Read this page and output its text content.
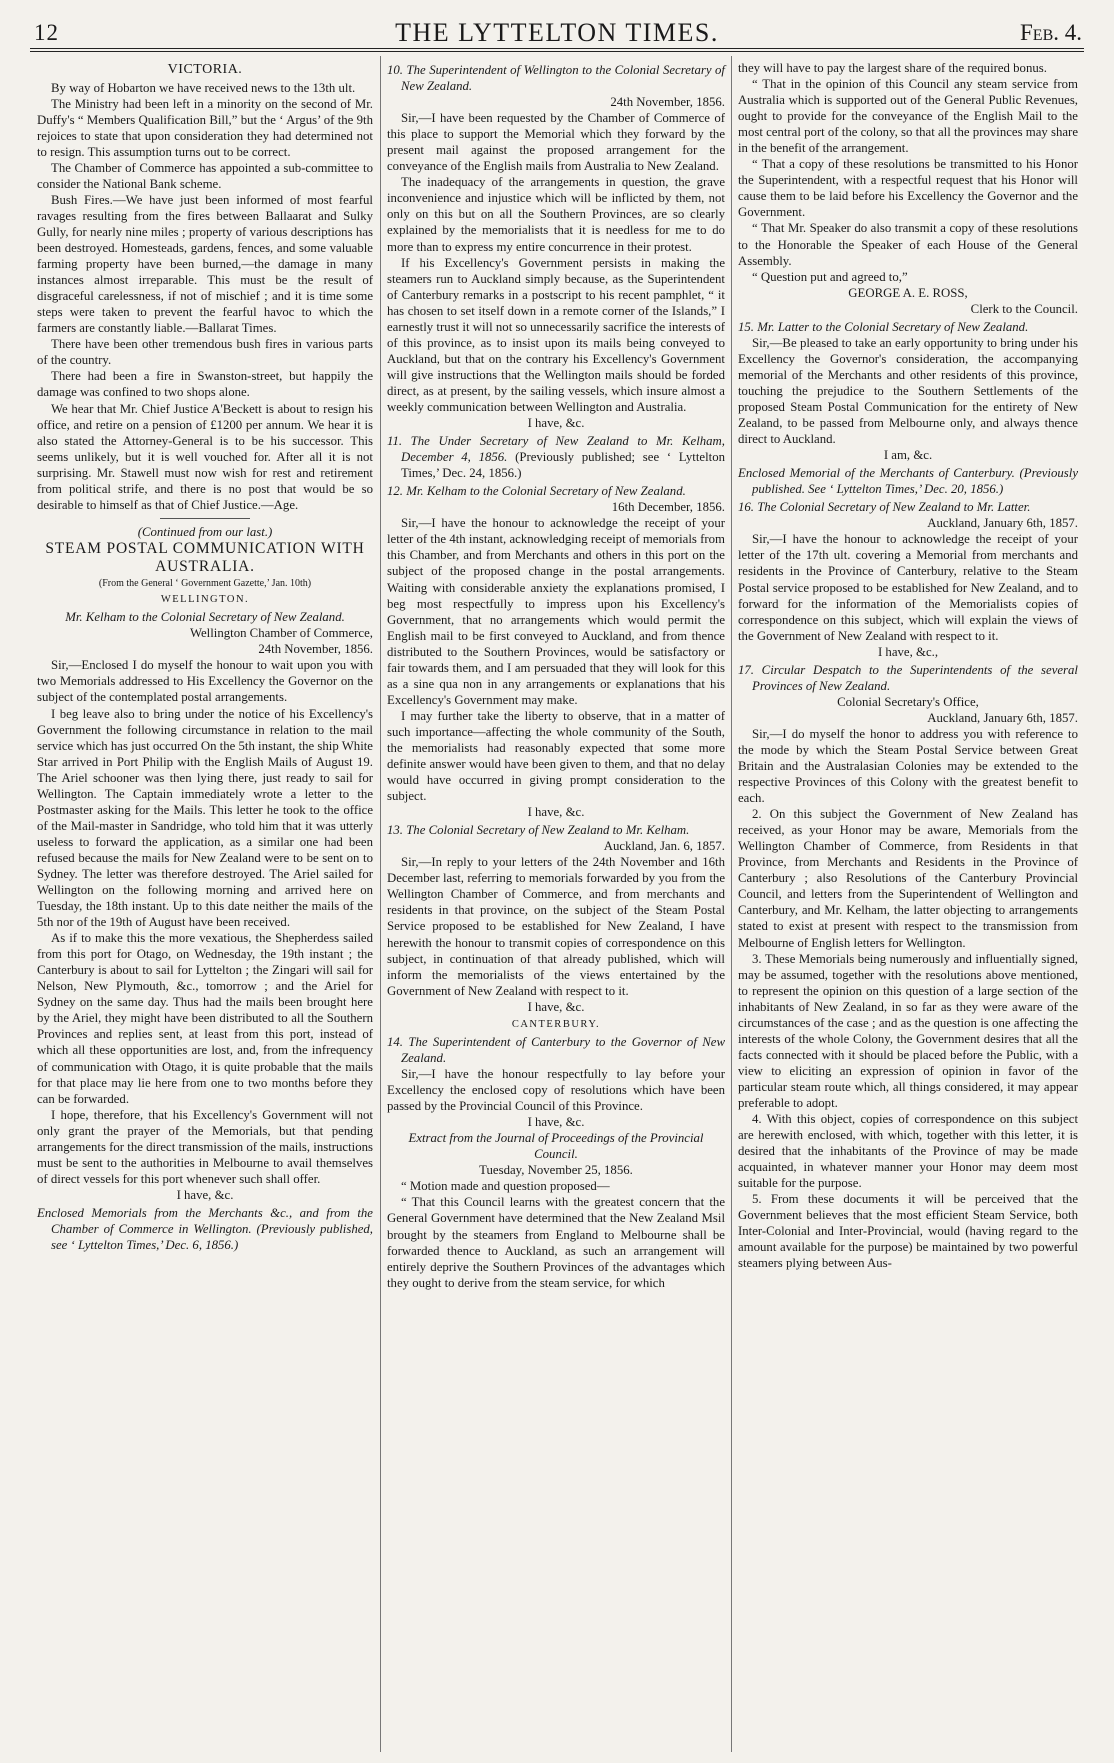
12	THE LYTTELTON TIMES.	Feb. 4.
VICTORIA.

By way of Hobarton we have received news to the 13th ult.

The Ministry had been left in a minority on the second of Mr. Duffy's “ Members Qualification Bill,” but the ‘ Argus’ of the 9th rejoices to state that upon consideration they had determined not to resign. This assumption turns out to be correct.

The Chamber of Commerce has appointed a sub-committee to consider the National Bank scheme.

Bush Fires.—We have just been informed of most fearful ravages resulting from the fires between Ballaarat and Sulky Gully, for nearly nine miles ; property of various descriptions has been destroyed. Homesteads, gardens, fences, and some valuable farming property have been burned,—the damage in many instances almost irreparable. This must be the result of disgraceful carelessness, if not of mischief ; and it is time some steps were taken to prevent the fearful havoc to which the farmers are constantly liable.—Ballarat Times.

There have been other tremendous bush fires in various parts of the country.

There had been a fire in Swanston-street, but happily the damage was confined to two shops alone.

We hear that Mr. Chief Justice A'Beckett is about to resign his office, and retire on a pension of £1200 per annum. We hear it is also stated the Attorney-General is to be his successor. This seems unlikely, but it is well vouched for. After all it is not surprising. Mr. Stawell must now wish for rest and retirement from political strife, and there is no post that would be so desirable to himself as that of Chief Justice.—Age.

(Continued from our last.)

STEAM POSTAL COMMUNICATION WITH AUSTRALIA.
(From the General ‘ Government Gazette,’ Jan. 10th)
WELLINGTON.

Mr. Kelham to the Colonial Secretary of New Zealand.

Wellington Chamber of Commerce,

24th November, 1856.

Sir,—Enclosed I do myself the honour to wait upon you with two Memorials addressed to His Excellency the Governor on the subject of the contemplated postal arrangements.

I beg leave also to bring under the notice of his Excellency's Government the following circumstance in relation to the mail service which has just occurred On the 5th instant, the ship White Star arrived in Port Philip with the English Mails of August 19. The Ariel schooner was then lying there, just ready to sail for Wellington. The Captain immediately wrote a letter to the Postmaster asking for the Mails. This letter he took to the office of the Mail-master in Sandridge, who told him that it was utterly useless to forward the application, as a similar one had been refused because the mails for New Zealand were to be sent on to Sydney. The letter was therefore destroyed. The Ariel sailed for Wellington on the following morning and arrived here on Tuesday, the 18th instant. Up to this date neither the mails of the 5th nor of the 19th of August have been received.

As if to make this the more vexatious, the Shepherdess sailed from this port for Otago, on Wednesday, the 19th instant ; the Canterbury is about to sail for Lyttelton ; the Zingari will sail for Nelson, New Plymouth, &c., tomorrow ; and the Ariel for Sydney on the same day. Thus had the mails been brought here by the Ariel, they might have been distributed to all the Southern Provinces and replies sent, at least from this port, instead of which all these opportunities are lost, and, from the infrequency of communication with Otago, it is quite probable that the mails for that place may lie here from one to two months before they can be forwarded.

I hope, therefore, that his Excellency's Government will not only grant the prayer of the Memorials, but that pending arrangements for the direct transmission of the mails, instructions must be sent to the authorities in Melbourne to avail themselves of direct vessels for this port whenever such shall offer.

I have, &c.

Enclosed Memorials from the Merchants &c., and from the Chamber of Commerce in Wellington. (Previously published, see ‘ Lyttelton Times,’ Dec. 6, 1856.)

10. The Superintendent of Wellington to the Colonial Secretary of New Zealand.

24th November, 1856.

Sir,—I have been requested by the Chamber of Commerce of this place to support the Memorial which they forward by the present mail against the proposed arrangement for the conveyance of the English mails from Australia to New Zealand.

The inadequacy of the arrangements in question, the grave inconvenience and injustice which will be inflicted by them, not only on this but on all the Southern Provinces, are so clearly explained by the memorialists that it is needless for me to do more than to express my entire concurrence in their protest.

If his Excellency's Government persists in making the steamers run to Auckland simply because, as the Superintendent of Canterbury remarks in a postscript to his recent pamphlet, “ it has chosen to set itself down in a remote corner of the Islands,” I earnestly trust it will not so unnecessarily sacrifice the interests of of this province, as to insist upon its mails being conveyed to Auckland, but that on the contrary his Excellency's Government will give instructions that the Wellington mails should be forded direct, as at present, by the sailing vessels, which insure almost a weekly communication between Wellington and Australia.

I have, &c.

11. The Under Secretary of New Zealand to Mr. Kelham, December 4, 1856. (Previously published; see ‘ Lyttelton Times,’ Dec. 24, 1856.)

12. Mr. Kelham to the Colonial Secretary of New Zealand.

16th December, 1856.

Sir,—I have the honour to acknowledge the receipt of your letter of the 4th instant, acknowledging receipt of memorials from this Chamber, and from Merchants and others in this port on the subject of the proposed change in the postal arrangements. Waiting with considerable anxiety the explanations promised, I beg most respectfully to impress upon his Excellency's Government, that no arrangements which would permit the English mail to be first conveyed to Auckland, and from thence distributed to the Southern Provinces, would be satisfactory or fair towards them, and I am persuaded that they will look for this as a sine qua non in any arrangements or explanations that his Excellency's Government may make.

I may further take the liberty to observe, that in a matter of such importance—affecting the whole community of the South, the memorialists had reasonably expected that some more definite answer would have been given to them, and that no delay would have occurred in giving prompt consideration to the subject.

I have, &c.

13. The Colonial Secretary of New Zealand to Mr. Kelham.

Auckland, Jan. 6, 1857.

Sir,—In reply to your letters of the 24th November and 16th December last, referring to memorials forwarded by you from the Wellington Chamber of Commerce, and from merchants and residents in that province, on the subject of the Steam Postal Service proposed to be established for New Zealand, I have herewith the honour to transmit copies of correspondence on this subject, in continuation of that already published, which will inform the memorialists of the views entertained by the Government of New Zealand with respect to it.

I have, &c.

CANTERBURY.

14. The Superintendent of Canterbury to the Governor of New Zealand.

Sir,—I have the honour respectfully to lay before your Excellency the enclosed copy of resolutions which have been passed by the Provincial Council of this Province.

I have, &c.

Extract from the Journal of Proceedings of the Provincial Council.

Tuesday, November 25, 1856.

“ Motion made and question proposed—

“ That this Council learns with the greatest concern that the General Government have determined that the New Zealand Msil brought by the steamers from England to Melbourne shall be forwarded thence to Auckland, as such an arrangement will entirely deprive the Southern Provinces of the advantages which they ought to derive from the steam service, for which

they will have to pay the largest share of the required bonus.

“ That in the opinion of this Council any steam service from Australia which is supported out of the General Public Revenues, ought to provide for the conveyance of the English Mail to the most central port of the colony, so that all the provinces may share in the benefit of the arrangement.

“ That a copy of these resolutions be transmitted to his Honor the Superintendent, with a respectful request that his Honor will cause them to be laid before his Excellency the Governor and the Government.

“ That Mr. Speaker do also transmit a copy of these resolutions to the Honorable the Speaker of each House of the General Assembly.

“ Question put and agreed to,”

GEORGE A. E. ROSS,

Clerk to the Council.

15. Mr. Latter to the Colonial Secretary of New Zealand.

Sir,—Be pleased to take an early opportunity to bring under his Excellency the Governor's consideration, the accompanying memorial of the Merchants and other residents of this province, touching the prejudice to the Southern Settlements of the proposed Steam Postal Communication for the entirety of New Zealand, to be passed from Melbourne only, and always thence direct to Auckland.

I am, &c.

Enclosed Memorial of the Merchants of Canterbury. (Previously published. See ‘ Lyttelton Times,’ Dec. 20, 1856.)

16. The Colonial Secretary of New Zealand to Mr. Latter.

Auckland, January 6th, 1857.

Sir,—I have the honour to acknowledge the receipt of your letter of the 17th ult. covering a Memorial from merchants and residents in the Province of Canterbury, relative to the Steam Postal service proposed to be established for New Zealand, and to forward for the information of the Memorialists copies of correspondence on this subject, which will explain the views of the Government of New Zealand with respect to it.

I have, &c.,

17. Circular Despatch to the Superintendents of the several Provinces of New Zealand.

Colonial Secretary's Office,

Auckland, January 6th, 1857.

Sir,—I do myself the honor to address you with reference to the mode by which the Steam Postal Service between Great Britain and the Australasian Colonies may be extended to the respective Provinces of this Colony with the greatest benefit to each.

2. On this subject the Government of New Zealand has received, as your Honor may be aware, Memorials from the Wellington Chamber of Commerce, from Residents in that Province, from Merchants and Residents in the Province of Canterbury ; also Resolutions of the Canterbury Provincial Council, and letters from the Superintendent of Wellington and Canterbury, and Mr. Kelham, the latter objecting to arrangements stated to exist at present with respect to the transmission from Melbourne of English letters for Wellington.

3. These Memorials being numerously and influentially signed, may be assumed, together with the resolutions above mentioned, to represent the opinion on this question of a large section of the inhabitants of New Zealand, in so far as they were aware of the circumstances of the case ; and as the question is one affecting the interests of the whole Colony, the Government desires that all the facts connected with it should be placed before the Public, with a view to eliciting an expression of opinion in favor of the particular steam route which, all things considered, it may appear preferable to adopt.

4. With this object, copies of correspondence on this subject are herewith enclosed, with which, together with this letter, it is desired that the inhabitants of the Province of may be made acquainted, in whatever manner your Honor may deem most suitable for the purpose.

5. From these documents it will be perceived that the Government believes that the most efficient Steam Service, both Inter-Colonial and Inter-Provincial, would (having regard to the amount available for the purpose) be maintained by two powerful steamers plying between Aus-
